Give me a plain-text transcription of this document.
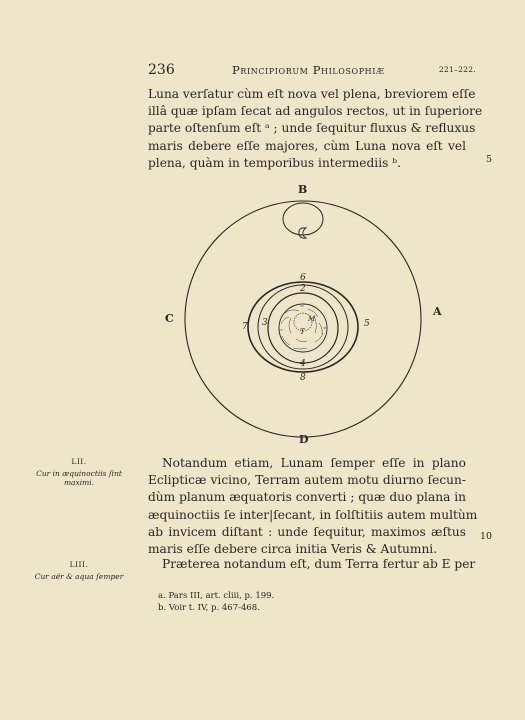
236	Principiorum Philosophiæ	221–222.
Luna verſatur cùm eſt nova vel plena, breviorem eſſe
illâ quæ ipſam ſecat ad angulos rectos, ut in ſuperiore
parte oſtenſum eſt ᵃ ; unde ſequitur fluxus & refluxus
maris debere eſſe majores, cùm Luna nova eſt vel
plena, quàm in temporibus intermediis ᵇ.	5
B
A
C
D
6
2
7 3	5
4
8
M
T
LII.
Cur in æquinoctiis ſint maximi.
Notandum etiam, Lunam ſemper eſſe in plano
Eclipticæ vicino, Terram autem motu diurno ſecun-
dùm planum æquatoris converti ; quæ duo plana in
æquinoctiis ſe inter|ſecant, in ſolſtitiis autem multùm
ab invicem diſtant : unde ſequitur, maximos æſtus
maris eſſe debere circa initia Veris & Autumni.
10
LIII.
Cur aër & aqua ſemper
Præterea notandum eſt, dum Terra fertur ab E per
a. Pars III, art. cliii, p. 199.
b. Voir t. IV, p. 467-468.
